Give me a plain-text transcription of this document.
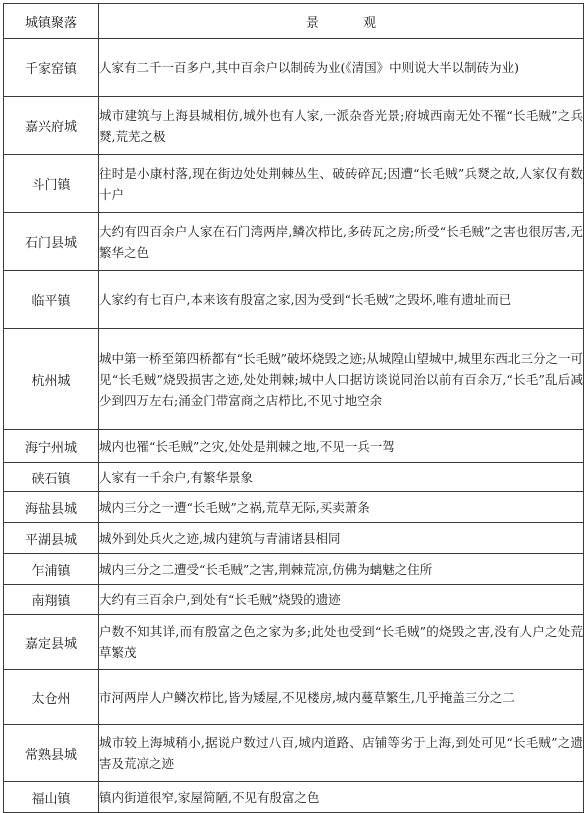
城镇聚落	景 观
千家窑镇	人家有二千一百多户,其中百余户以制砖为业(《清国》中则说大半以制砖为业)
嘉兴府城	城市建筑与上海县城相仿,城外也有人家,一派杂沓光景;府城西南无处不罹“长毛贼”之兵燹,荒芜之极
斗门镇	往时是小康村落,现在街边处处荆棘丛生、破砖碎瓦;因遭“长毛贼”兵燹之故,人家仅有数十户
石门县城	大约有四百余户人家在石门湾两岸,鳞次栉比,多砖瓦之房;所受“长毛贼”之害也很厉害,无繁华之色
临平镇	人家约有七百户,本来该有殷富之家,因为受到“长毛贼”之毁坏,唯有遗址而已
杭州城	城中第一桥至第四桥都有“长毛贼”破坏烧毁之迹;从城隍山望城中,城里东西北三分之一可见“长毛贼”烧毁损害之迹,处处荆棘;城中人口据访谈说同治以前有百余万,“长毛”乱后减少到四万左右;涌金门带富商之店栉比,不见寸地空余
海宁州城	城内也罹“长毛贼”之灾,处处是荆棘之地,不见一兵一驾
硖石镇	人家有一千余户,有繁华景象
海盐县城	城内三分之一遭“长毛贼”之祸,荒草无际,买卖萧条
平湖县城	城外到处兵火之迹,城内建筑与青浦诸县相同
乍浦镇	城内三分之二遭受“长毛贼”之害,荆棘荒凉,仿佛为螭魅之住所
南翔镇	大约有三百余户,到处有“长毛贼”烧毁的遗迹
嘉定县城	户数不知其详,而有殷富之色之家为多;此处也受到“长毛贼”的烧毁之害,没有人户之处荒草繁茂
太仓州	市河两岸人户鳞次栉比,皆为矮屋,不见楼房,城内蔓草繁生,几乎掩盖三分之二
常熟县城	城市较上海城稍小,据说户数过八百,城内道路、店铺等劣于上海,到处可见“长毛贼”之遗害及荒凉之迹
福山镇	镇内街道很窄,家屋简陋,不见有殷富之色
